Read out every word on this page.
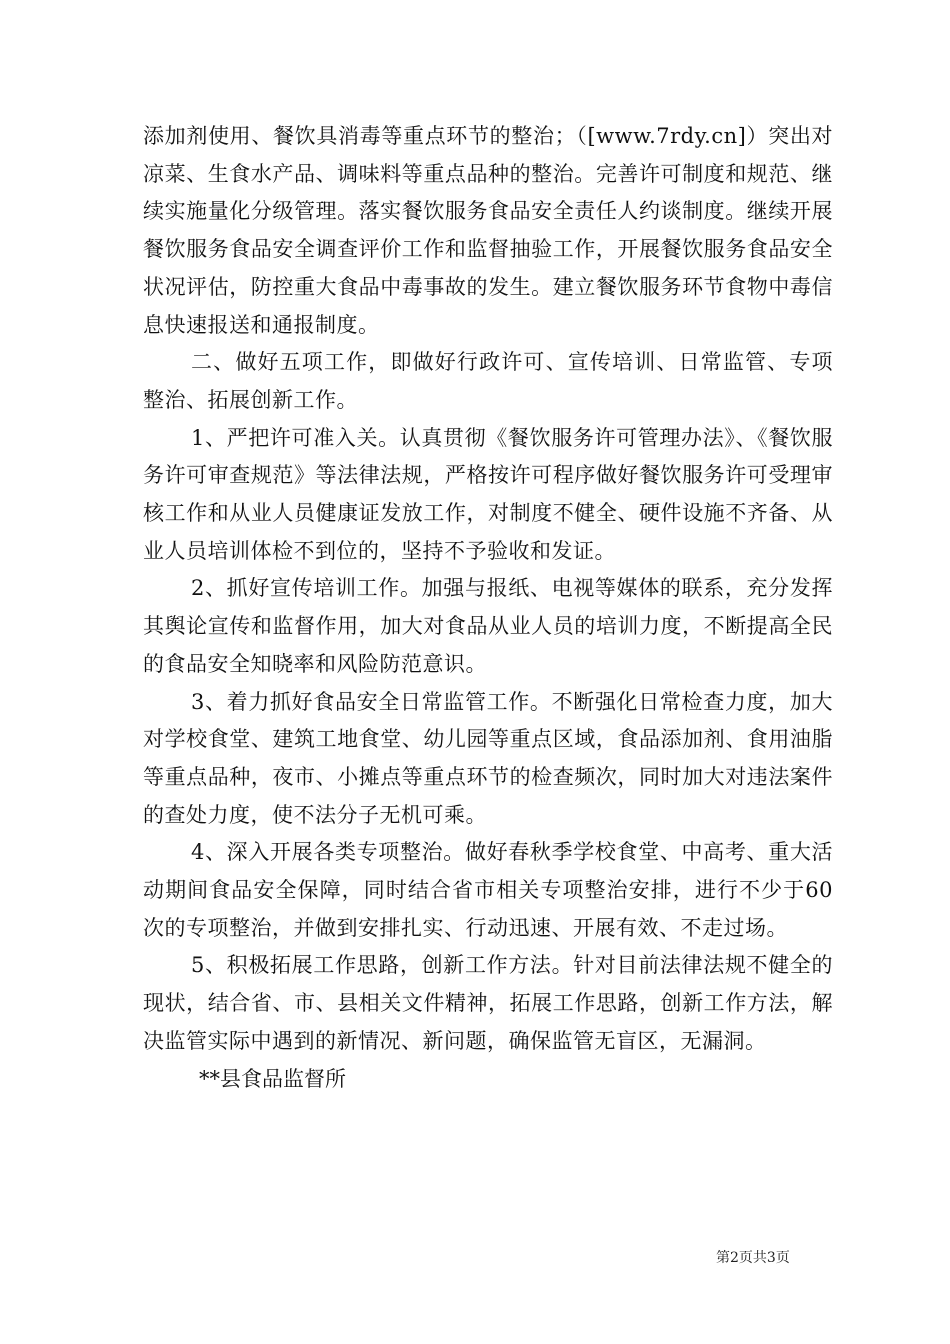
添加剂使用、餐饮具消毒等重点环节的整治；（[www.7rdy.cn]）突出对凉菜、生食水产品、调味料等重点品种的整治。完善许可制度和规范、继续实施量化分级管理。落实餐饮服务食品安全责任人约谈制度。继续开展餐饮服务食品安全调查评价工作和监督抽验工作，开展餐饮服务食品安全状况评估，防控重大食品中毒事故的发生。建立餐饮服务环节食物中毒信息快速报送和通报制度。

二、做好五项工作，即做好行政许可、宣传培训、日常监管、专项整治、拓展创新工作。

1、严把许可准入关。认真贯彻《餐饮服务许可管理办法》、《餐饮服务许可审查规范》等法律法规，严格按许可程序做好餐饮服务许可受理审核工作和从业人员健康证发放工作，对制度不健全、硬件设施不齐备、从业人员培训体检不到位的，坚持不予验收和发证。

2、抓好宣传培训工作。加强与报纸、电视等媒体的联系，充分发挥其舆论宣传和监督作用，加大对食品从业人员的培训力度，不断提高全民的食品安全知晓率和风险防范意识。

3、着力抓好食品安全日常监管工作。不断强化日常检查力度，加大对学校食堂、建筑工地食堂、幼儿园等重点区域，食品添加剂、食用油脂等重点品种，夜市、小摊点等重点环节的检查频次，同时加大对违法案件的查处力度，使不法分子无机可乘。

4、深入开展各类专项整治。做好春秋季学校食堂、中高考、重大活动期间食品安全保障，同时结合省市相关专项整治安排，进行不少于60次的专项整治，并做到安排扎实、行动迅速、开展有效、不走过场。

5、积极拓展工作思路，创新工作方法。针对目前法律法规不健全的现状，结合省、市、县相关文件精神，拓展工作思路，创新工作方法，解决监管实际中遇到的新情况、新问题，确保监管无盲区，无漏洞。

**县食品监督所

第2页共3页
